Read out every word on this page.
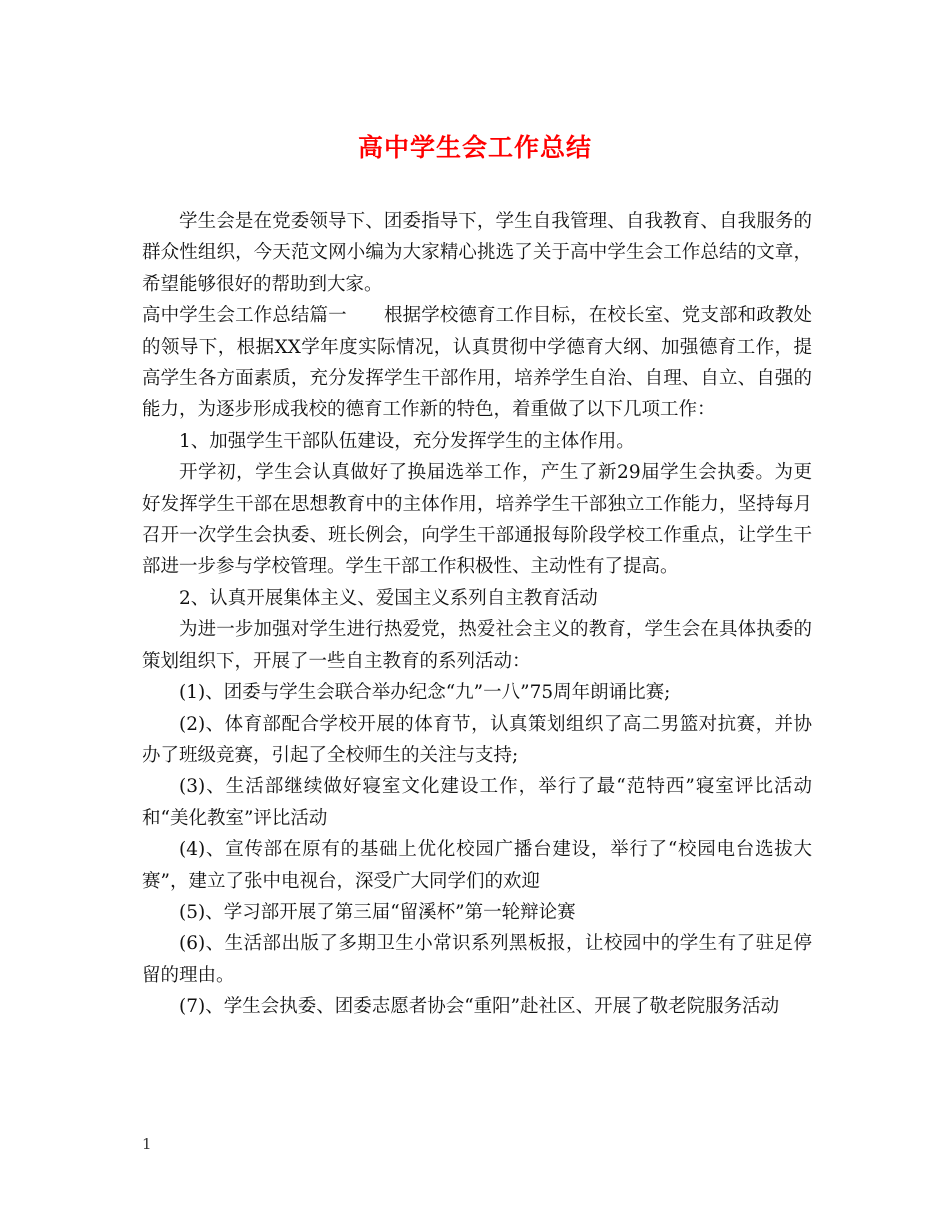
高中学生会工作总结

学生会是在党委领导下、团委指导下，学生自我管理、自我教育、自我服务的群众性组织，今天范文网小编为大家精心挑选了关于高中学生会工作总结的文章，希望能够很好的帮助到大家。

高中学生会工作总结篇一　　根据学校德育工作目标，在校长室、党支部和政教处的领导下，根据XX学年度实际情况，认真贯彻中学德育大纲、加强德育工作，提高学生各方面素质，充分发挥学生干部作用，培养学生自治、自理、自立、自强的能力，为逐步形成我校的德育工作新的特色，着重做了以下几项工作：

1、加强学生干部队伍建设，充分发挥学生的主体作用。

开学初，学生会认真做好了换届选举工作，产生了新29届学生会执委。为更好发挥学生干部在思想教育中的主体作用，培养学生干部独立工作能力，坚持每月召开一次学生会执委、班长例会，向学生干部通报每阶段学校工作重点，让学生干部进一步参与学校管理。学生干部工作积极性、主动性有了提高。

2、认真开展集体主义、爱国主义系列自主教育活动

为进一步加强对学生进行热爱党，热爱社会主义的教育，学生会在具体执委的策划组织下，开展了一些自主教育的系列活动：

(1)、团委与学生会联合举办纪念“九”一八”75周年朗诵比赛;

(2)、体育部配合学校开展的体育节，认真策划组织了高二男篮对抗赛，并协办了班级竞赛，引起了全校师生的关注与支持;

(3)、生活部继续做好寝室文化建设工作，举行了最“范特西”寝室评比活动和“美化教室”评比活动

(4)、宣传部在原有的基础上优化校园广播台建设，举行了“校园电台选拔大赛”，建立了张中电视台，深受广大同学们的欢迎

(5)、学习部开展了第三届“留溪杯”第一轮辩论赛

(6)、生活部出版了多期卫生小常识系列黑板报，让校园中的学生有了驻足停留的理由。

(7)、学生会执委、团委志愿者协会“重阳”赴社区、开展了敬老院服务活动

1
